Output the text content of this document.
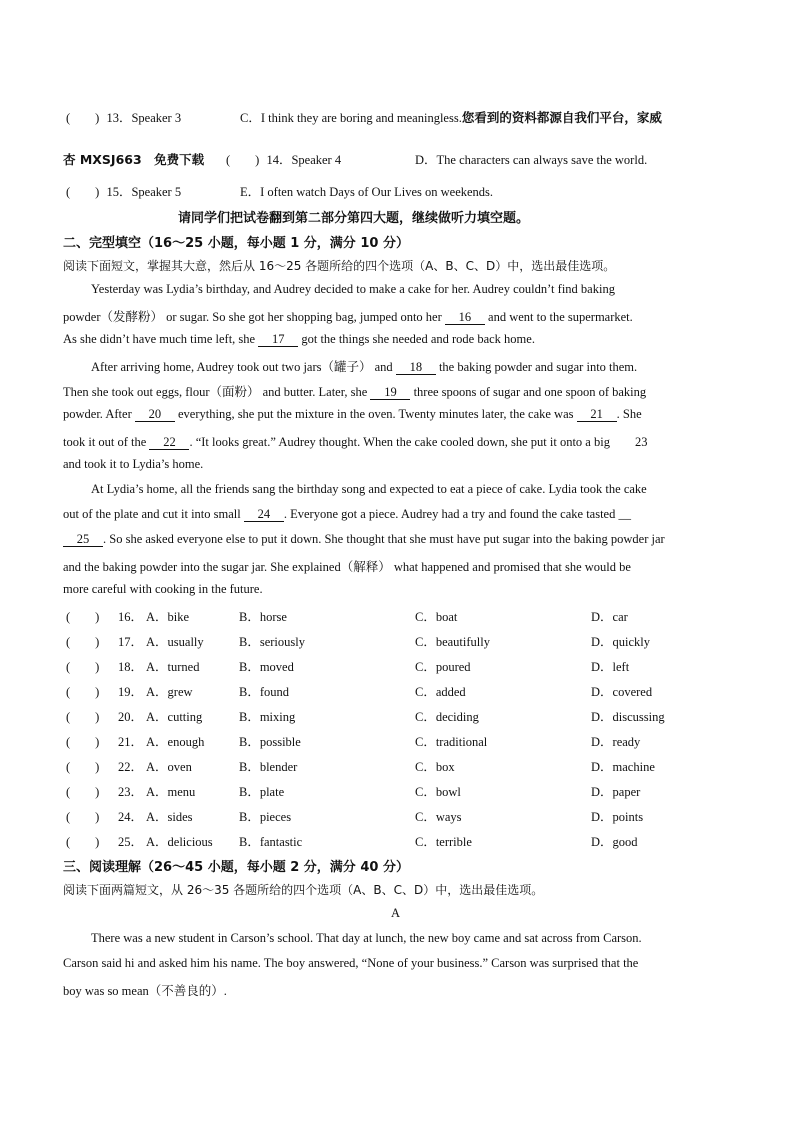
(　　) 13．Speaker 3	C．I think they are boring and meaningless.您看到的资料都源自我们平台，家威
杏 MXSJ663　免费下载 (　　) 14．Speaker 4	D．The characters can always save the world.
(　　) 15．Speaker 5	E．I often watch Days of Our Lives on weekends.
请同学们把试卷翻到第二部分第四大题，继续做听力填空题。
二、完型填空（16～25 小题，每小题 1 分，满分 10 分）
阅读下面短文，掌握其大意，然后从 16～25 各题所给的四个选项（A、B、C、D）中，选出最佳选项。
Yesterday was Lydia’s birthday, and Audrey decided to make a cake for her. Audrey couldn’t find baking
powder（发酵粉） or sugar. So she got her shopping bag, jumped onto her 16 and went to the supermarket.
As she didn’t have much time left, she 17 got the things she needed and rode back home.
After arriving home, Audrey took out two jars（罐子） and 18 the baking powder and sugar into them.
Then she took out eggs, flour（面粉） and butter. Later, she 19 three spoons of sugar and one spoon of baking
powder. After 20 everything, she put the mixture in the oven. Twenty minutes later, the cake was 21 . She
took it out of the 22 . “It looks great.” Audrey thought. When the cake cooled down, she put it onto a big　　23
and took it to Lydia’s home.
At Lydia’s home, all the friends sang the birthday song and expected to eat a piece of cake. Lydia took the cake
out of the plate and cut it into small 24 . Everyone got a piece. Audrey had a try and found the cake tasted __
25 . So she asked everyone else to put it down. She thought that she must have put sugar into the baking powder jar
and the baking powder into the sugar jar. She explained（解释） what happened and promised that she would be
more careful with cooking in the future.
(　　) 16． A．bike	B．horse	C．boat	D．car
(　　) 17． A．usually	B．seriously	C．beautifully	D．quickly
(　　) 18． A．turned	B．moved	C．poured	D．left
(　　) 19． A．grew	B．found	C．added	D．covered
(　　) 20． A．cutting	B．mixing	C．deciding	D．discussing
(　　) 21． A．enough	B．possible	C．traditional	D．ready
(　　) 22． A．oven	B．blender	C．box	D．machine
(　　) 23． A．menu	B．plate	C．bowl	D．paper
(　　) 24． A．sides	B．pieces	C．ways	D．points
(　　) 25． A．delicious B．fantastic	C．terrible	D．good
三、阅读理解（26～45 小题，每小题 2 分，满分 40 分）
阅读下面两篇短文，从 26～35 各题所给的四个选项（A、B、C、D）中，选出最佳选项。
A
There was a new student in Carson’s school. That day at lunch, the new boy came and sat across from Carson.
Carson said hi and asked him his name. The boy answered, “None of your business.” Carson was surprised that the
boy was so mean（不善良的）.
